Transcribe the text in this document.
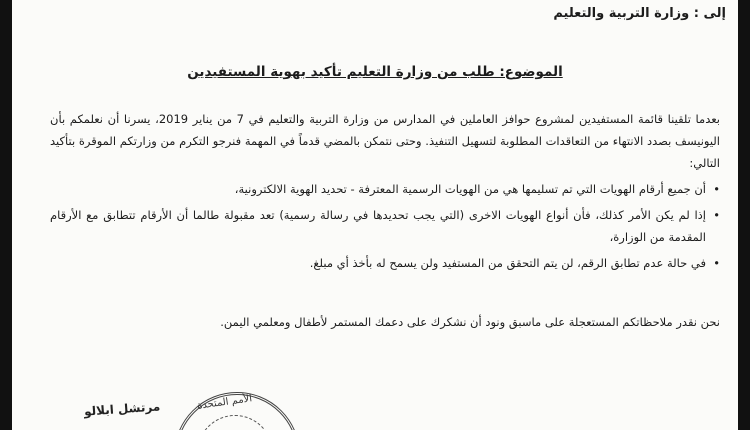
إلى : وزارة التربية والتعليم
الموضوع: طلب من وزارة التعليم تأكيد بهوية المستفيدين

بعدما تلقينا قائمة المستفيدين لمشروع حوافز العاملين في المدارس من وزارة التربية والتعليم في 7 من يناير 2019، يسرنا أن نعلمكم بأن اليونيسف بصدد الانتهاء من التعاقدات المطلوبة لتسهيل التنفيذ. وحتى نتمكن بالمضي قدماً في المهمة فنرجو التكرم من وزارتكم الموقرة بتأكيد التالي:

• أن جميع أرقام الهويات التي تم تسليمها هي من الهويات الرسمية المعترفة - تحديد الهوية الالكترونية،
• إذا لم يكن الأمر كذلك، فأن أنواع الهويات الاخرى (التي يجب تحديدها في رسالة رسمية) تعد مقبولة طالما أن الأرقام تتطابق مع الأرقام المقدمة من الوزارة،
• في حالة عدم تطابق الرقم، لن يتم التحقق من المستفيد ولن يسمح له بأخذ أي مبلغ.
نحن نقدر ملاحظاتكم المستعجلة على ماسبق ونود أن نشكرك على دعمك المستمر لأطفال ومعلمي اليمن.
الأمم المتحدة
مرتشل ابلالو
